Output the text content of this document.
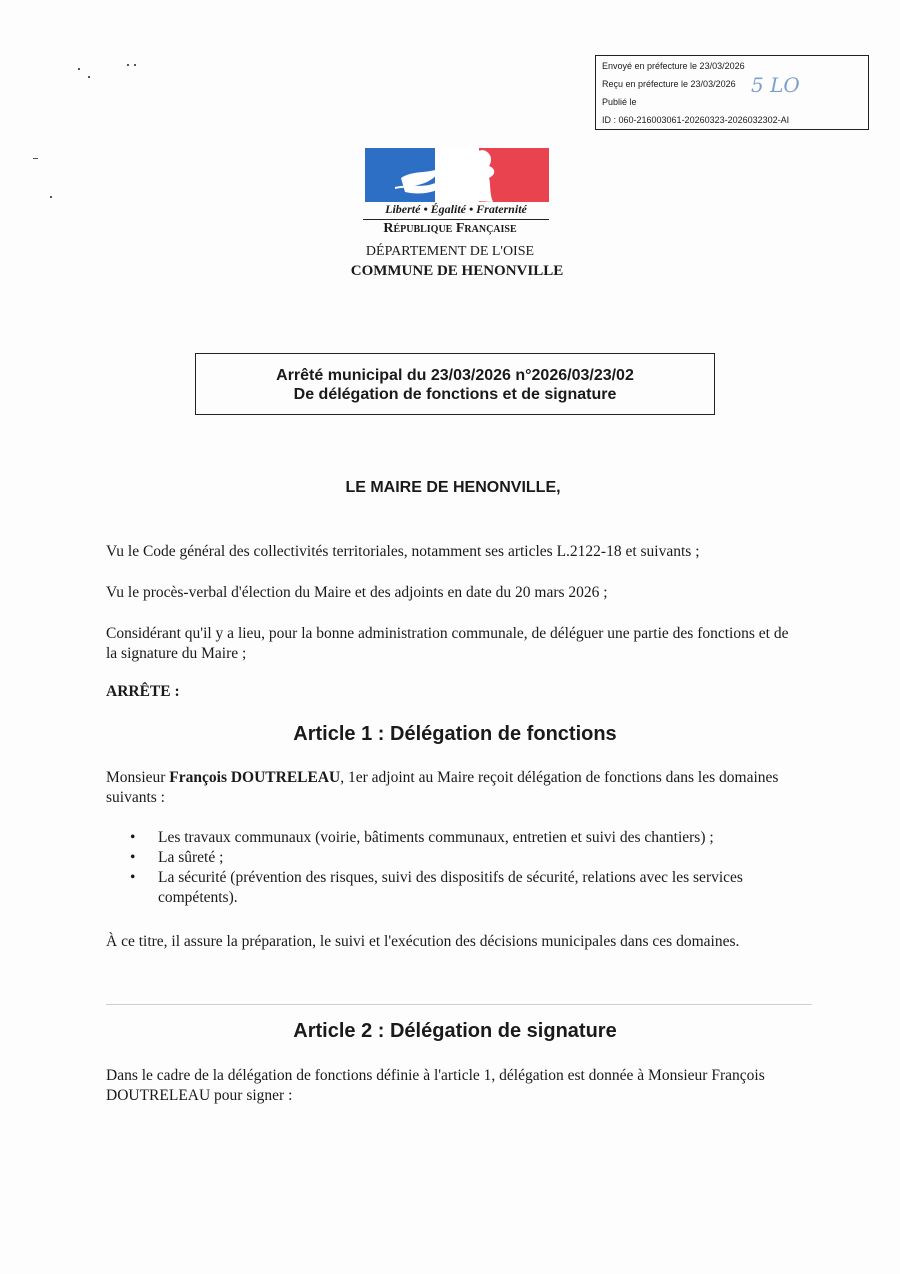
Envoyé en préfecture le 23/03/2026
Reçu en préfecture le 23/03/2026
Publié le
ID : 060-216003061-20260323-2026032302-AI
5 LO
Liberté • Égalité • Fraternité
République Française
DÉPARTEMENT DE L'OISE
COMMUNE DE HENONVILLE
Arrêté municipal du 23/03/2026 n°2026/03/23/02
De délégation de fonctions et de signature
LE MAIRE DE HENONVILLE,
Vu le Code général des collectivités territoriales, notamment ses articles L.2122-18 et suivants ;
Vu le procès-verbal d'élection du Maire et des adjoints en date du 20 mars 2026 ;
Considérant qu'il y a lieu, pour la bonne administration communale, de déléguer une partie des fonctions et de la signature du Maire ;
ARRÊTE :
Article 1 : Délégation de fonctions
Monsieur François DOUTRELEAU, 1er adjoint au Maire reçoit délégation de fonctions dans les domaines suivants :
• Les travaux communaux (voirie, bâtiments communaux, entretien et suivi des chantiers) ;
• La sûreté ;
• La sécurité (prévention des risques, suivi des dispositifs de sécurité, relations avec les services compétents).
À ce titre, il assure la préparation, le suivi et l'exécution des décisions municipales dans ces domaines.
Article 2 : Délégation de signature
Dans le cadre de la délégation de fonctions définie à l'article 1, délégation est donnée à Monsieur François DOUTRELEAU pour signer :
